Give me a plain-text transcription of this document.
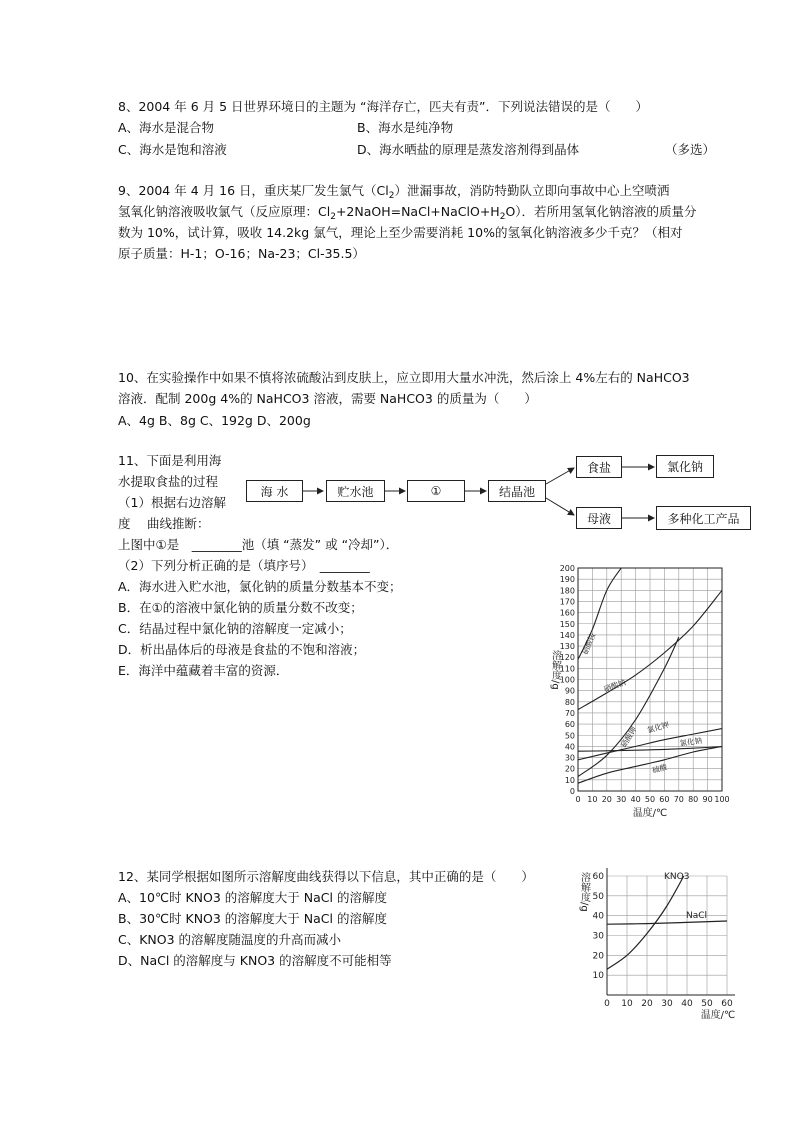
8、2004 年 6 月 5 日世界环境日的主题为 “海洋存亡，匹夫有责”．下列说法错误的是（　　）
A、海水是混合物	B、海水是纯净物
C、海水是饱和溶液	D、海水晒盐的原理是蒸发溶剂得到晶体	（多选）
9、2004 年 4 月 16 日，重庆某厂发生氯气$(Cl_2)$泄漏事故，消防特勤队立即向事故中心上空喷洒
氢氧化钠溶液吸收氯气（反应原理：$Cl_2+2NaOH=NaCl+NaClO+H_2O$）．若所用氢氧化钠溶液的质量分
数为 10%，试计算，吸收 14.2kg 氯气，理论上至少需要消耗 10%的氢氧化钠溶液多少千克？（相对
原子质量：H-1；O-16；Na-23；Cl-35.5）
10、在实验操作中如果不慎将浓硫酸沾到皮肤上，应立即用大量水冲洗，然后涂上 4%左右的 NaHCO3
溶液．配制 200g 4%的 NaHCO3 溶液，需要 NaHCO3 的质量为（　　）
A、4g B、8g C、192g D、200g
11、下面是利用海
水提取食盐的过程
（1）根据右边溶解
度　 曲线推断：
上图中①是　________池（填 “蒸发” 或 “冷却”）．
（2）下列分析正确的是（填序号）　________
A．海水进入贮水池，氯化钠的质量分数基本不变；
B．在①的溶液中氯化钠的质量分数不改变；
C．结晶过程中氯化钠的溶解度一定减小；
D．析出晶体后的母液是食盐的不饱和溶液；
E．海洋中蕴藏着丰富的资源．
海 水	贮水池	①	结晶池
食盐	氯化钠
母液	多种化工产品
0 10 20 30 40 50 60 70 80 90 100
0
10
20
30
40
50
60
70
80
90
100
110
120
130
140
150
160
170
180
190
200
硝酸铵
硝酸钠
硝酸钾 氯化钾
氯化钠
硫酸
溶解度/g
温度/℃
12、某同学根据如图所示溶解度曲线获得以下信息，其中正确的是（　　）
A、10℃时 KNO3 的溶解度大于 NaCl 的溶解度
B、30℃时 KNO3 的溶解度大于 NaCl 的溶解度
C、KNO3 的溶解度随温度的升高而减小
D、NaCl 的溶解度与 KNO3 的溶解度不可能相等
0 10 20 30 40 50 60
10
20
30
40
50
60	KNO3
NaCl
溶解度/g
温度/℃
